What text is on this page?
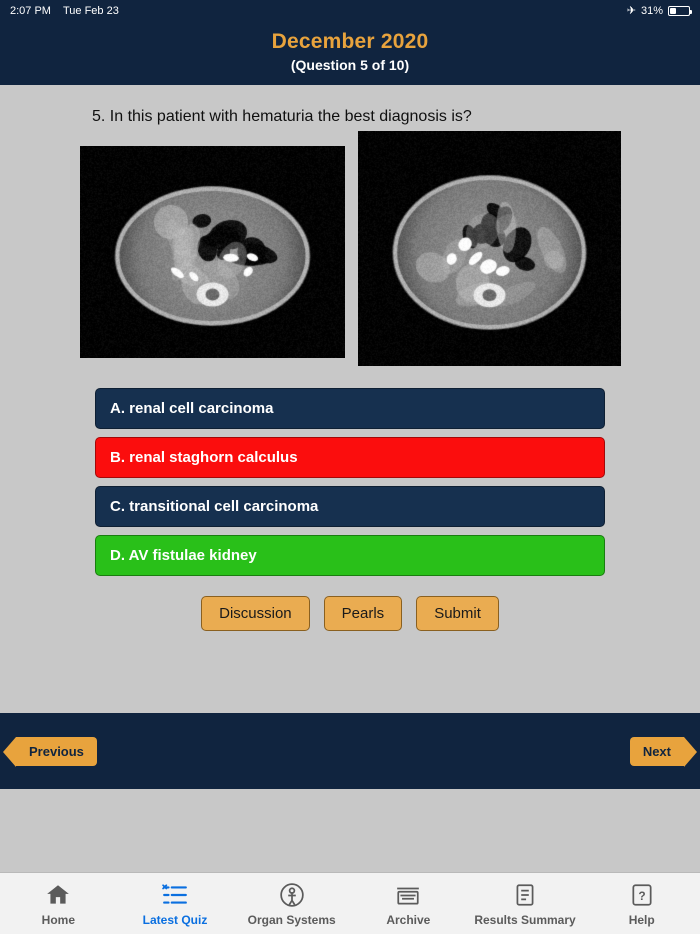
2:07 PM Tue Feb 23	✈ 31%
December 2020
(Question 5 of 10)
5. In this patient with hematuria the best diagnosis is?
A. renal cell carcinoma
B. renal staghorn calculus
C. transitional cell carcinoma
D. AV fistulae kidney
Discussion	Pearls	Submit
Previous	Next
Home	Latest Quiz	Organ Systems	Archive	Results Summary
?
Help
